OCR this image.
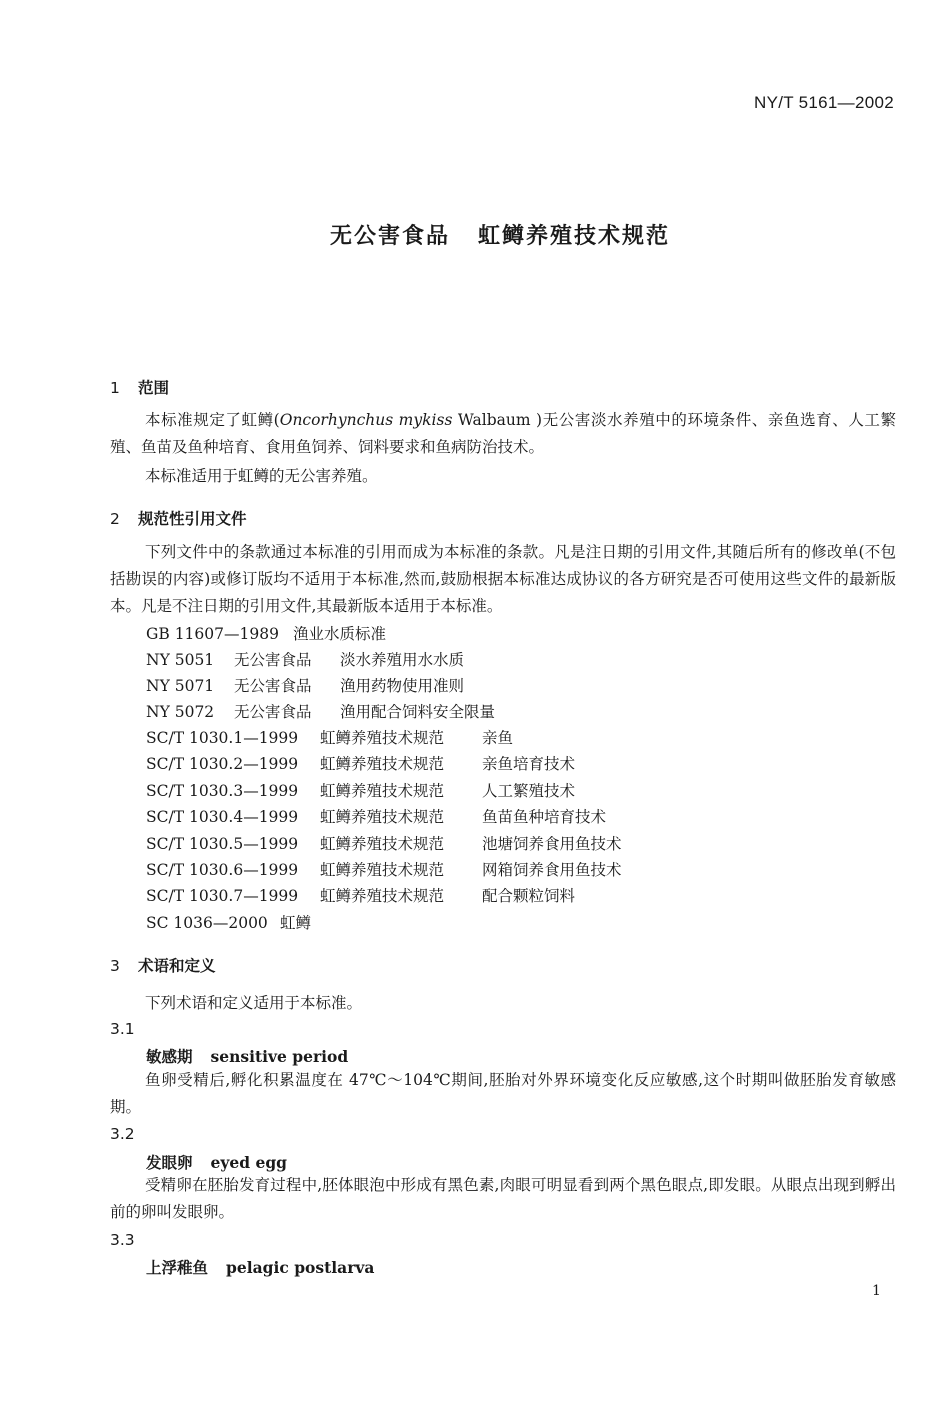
NY/T 5161—2002
无公害食品 虹鳟养殖技术规范
1 范围
本标准规定了虹鳟(Oncorhynchus mykiss Walbaum )无公害淡水养殖中的环境条件、亲鱼选育、人工繁殖、鱼苗及鱼种培育、食用鱼饲养、饲料要求和鱼病防治技术。
本标准适用于虹鳟的无公害养殖。
2 规范性引用文件
下列文件中的条款通过本标准的引用而成为本标准的条款。凡是注日期的引用文件,其随后所有的修改单(不包括勘误的内容)或修订版均不适用于本标准,然而,鼓励根据本标准达成协议的各方研究是否可使用这些文件的最新版本。凡是不注日期的引用文件,其最新版本适用于本标准。
GB 11607—1989 渔业水质标准
NY 5051 无公害食品 淡水养殖用水水质
NY 5071 无公害食品 渔用药物使用准则
NY 5072 无公害食品 渔用配合饲料安全限量
SC/T 1030.1—1999 虹鳟养殖技术规范 亲鱼
SC/T 1030.2—1999 虹鳟养殖技术规范 亲鱼培育技术
SC/T 1030.3—1999 虹鳟养殖技术规范 人工繁殖技术
SC/T 1030.4—1999 虹鳟养殖技术规范 鱼苗鱼种培育技术
SC/T 1030.5—1999 虹鳟养殖技术规范 池塘饲养食用鱼技术
SC/T 1030.6—1999 虹鳟养殖技术规范 网箱饲养食用鱼技术
SC/T 1030.7—1999 虹鳟养殖技术规范 配合颗粒饲料
SC 1036—2000 虹鳟
3 术语和定义
下列术语和定义适用于本标准。
3.1
敏感期 sensitive period
鱼卵受精后,孵化积累温度在 47℃～104℃期间,胚胎对外界环境变化反应敏感,这个时期叫做胚胎发育敏感期。
3.2
发眼卵 eyed egg
受精卵在胚胎发育过程中,胚体眼泡中形成有黑色素,肉眼可明显看到两个黑色眼点,即发眼。从眼点出现到孵出前的卵叫发眼卵。
3.3
上浮稚鱼 pelagic postlarva
1
